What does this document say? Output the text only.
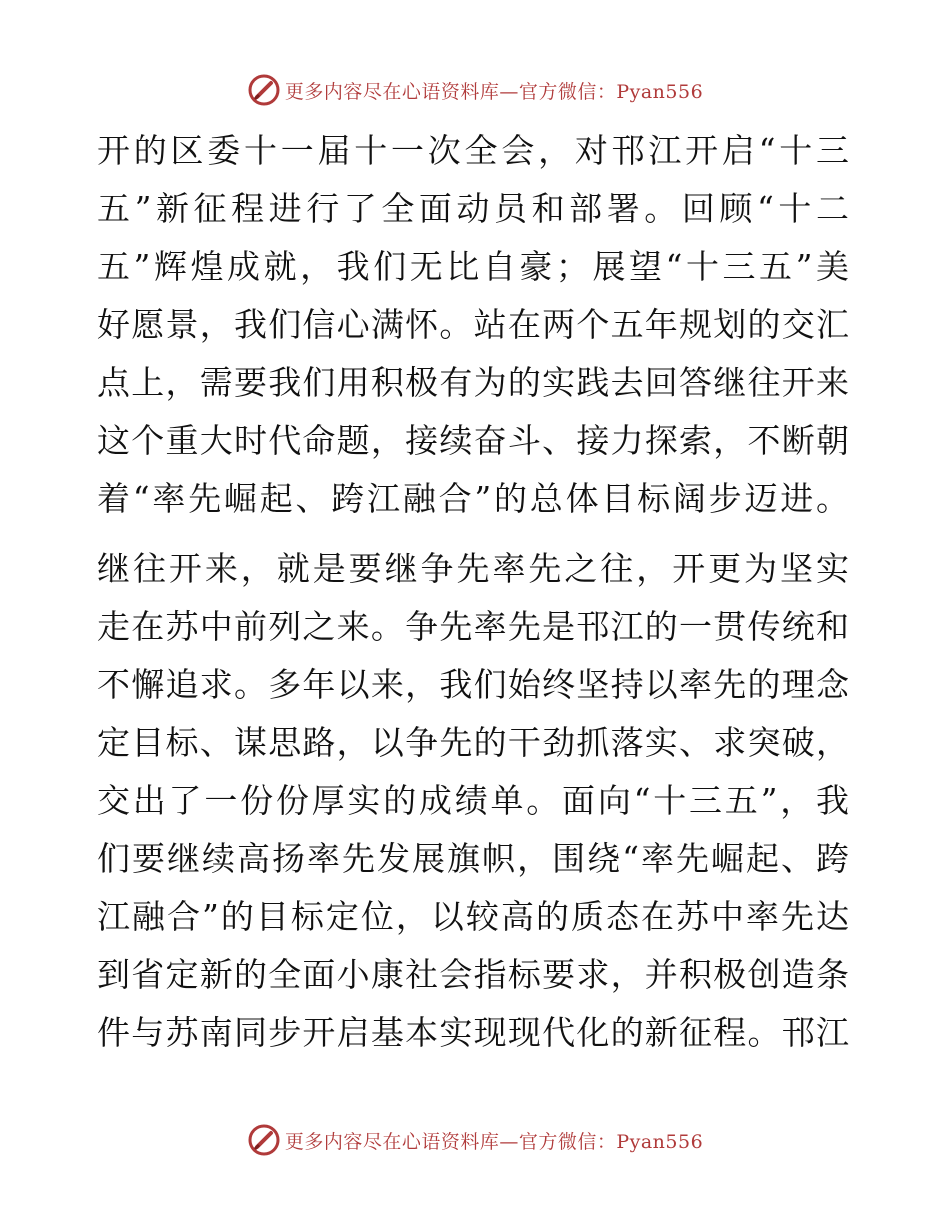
更多内容尽在心语资料库—官方微信：Pyan556
开的区委十一届十一次全会，对邗江开启“十三
五”新征程进行了全面动员和部署。回顾“十二
五”辉煌成就，我们无比自豪；展望“十三五”美
好愿景，我们信心满怀。站在两个五年规划的交汇
点上，需要我们用积极有为的实践去回答继往开来
这个重大时代命题，接续奋斗、接力探索，不断朝
着“率先崛起、跨江融合”的总体目标阔步迈进。
继往开来，就是要继争先率先之往，开更为坚实
走在苏中前列之来。争先率先是邗江的一贯传统和
不懈追求。多年以来，我们始终坚持以率先的理念
定目标、谋思路，以争先的干劲抓落实、求突破，
交出了一份份厚实的成绩单。面向“十三五”，我
们要继续高扬率先发展旗帜，围绕“率先崛起、跨
江融合”的目标定位，以较高的质态在苏中率先达
到省定新的全面小康社会指标要求，并积极创造条
件与苏南同步开启基本实现现代化的新征程。邗江
更多内容尽在心语资料库—官方微信：Pyan556
